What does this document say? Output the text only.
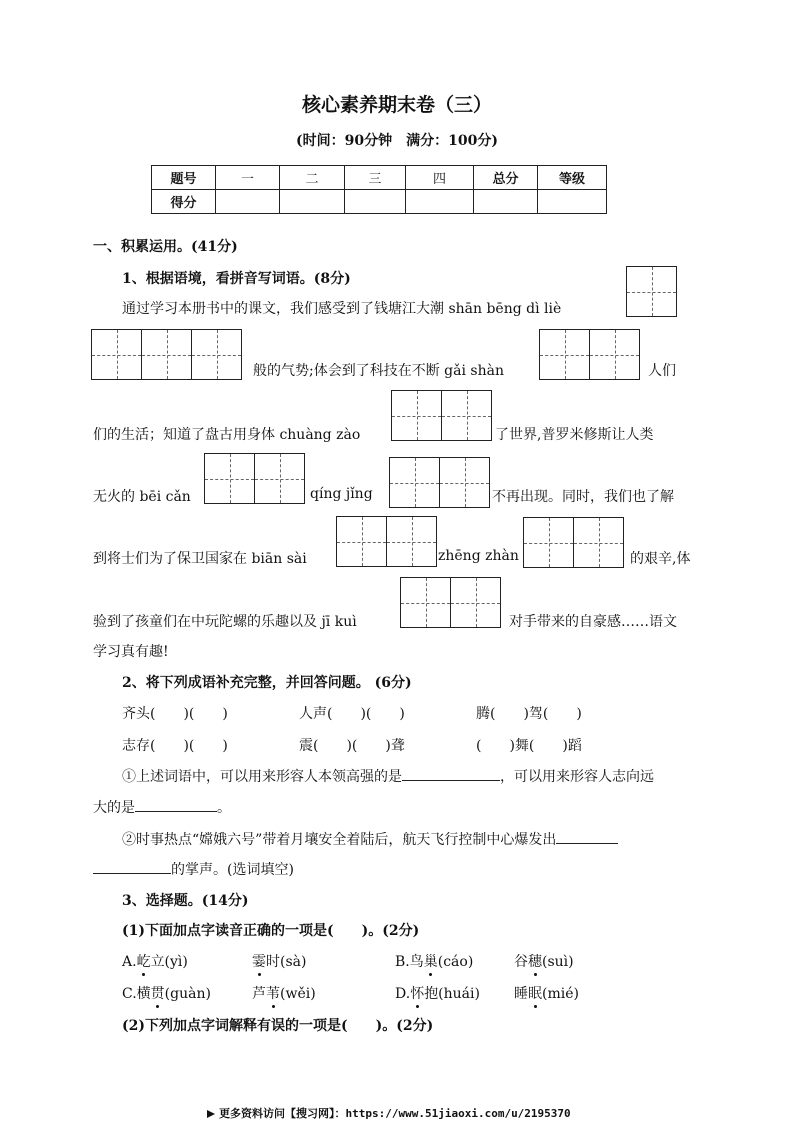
核心素养期末卷（三）
(时间：90分钟　满分：100分)
题号	一	二	三	四	总分	等级
得分						
一、积累运用。(41分)
1、根据语境，看拼音写词语。(8分)
通过学习本册书中的课文，我们感受到了钱塘江大潮 shān bēng dì liè
般的气势;体会到了科技在不断 gǎi shàn	人们
们的生活；知道了盘古用身体 chuàng zào	了世界,普罗米修斯让人类
无火的 bēi cǎn	qíng jǐng	不再出现。同时，我们也了解
到将士们为了保卫国家在 biān sài	zhēng zhàn	的艰辛,体
验到了孩童们在中玩陀螺的乐趣以及 jī kuì	对手带来的自豪感……语文
学习真有趣!
2、将下列成语补充完整，并回答问题。 (6分)
齐头(　　)(　　)	人声(　　)(　　)	腾(　　)驾(　　)
志存(　　)(　　)	震(　　)(　　)聋	(　　)舞(　　)蹈
①上述词语中，可以用来形容人本领高强的是	，可以用来形容人志向远
大的是	。
②时事热点“嫦娥六号”带着月壤安全着陆后，航天飞行控制中心爆发出
的掌声。(选词填空)
3、选择题。(14分)
(1)下面加点字读音正确的一项是(　　)。(2分)
A.屹立(yì)	霎时(sà)	B.鸟巢(cáo)	谷穗(suì)
C.横贯(guàn)	芦苇(wěi)	D.怀抱(huái) 睡眠(mié)
(2)下列加点字词解释有误的一项是(　　)。(2分)
更多资料访问【搜习网】：https://www.51jiaoxi.com/u/2195370
